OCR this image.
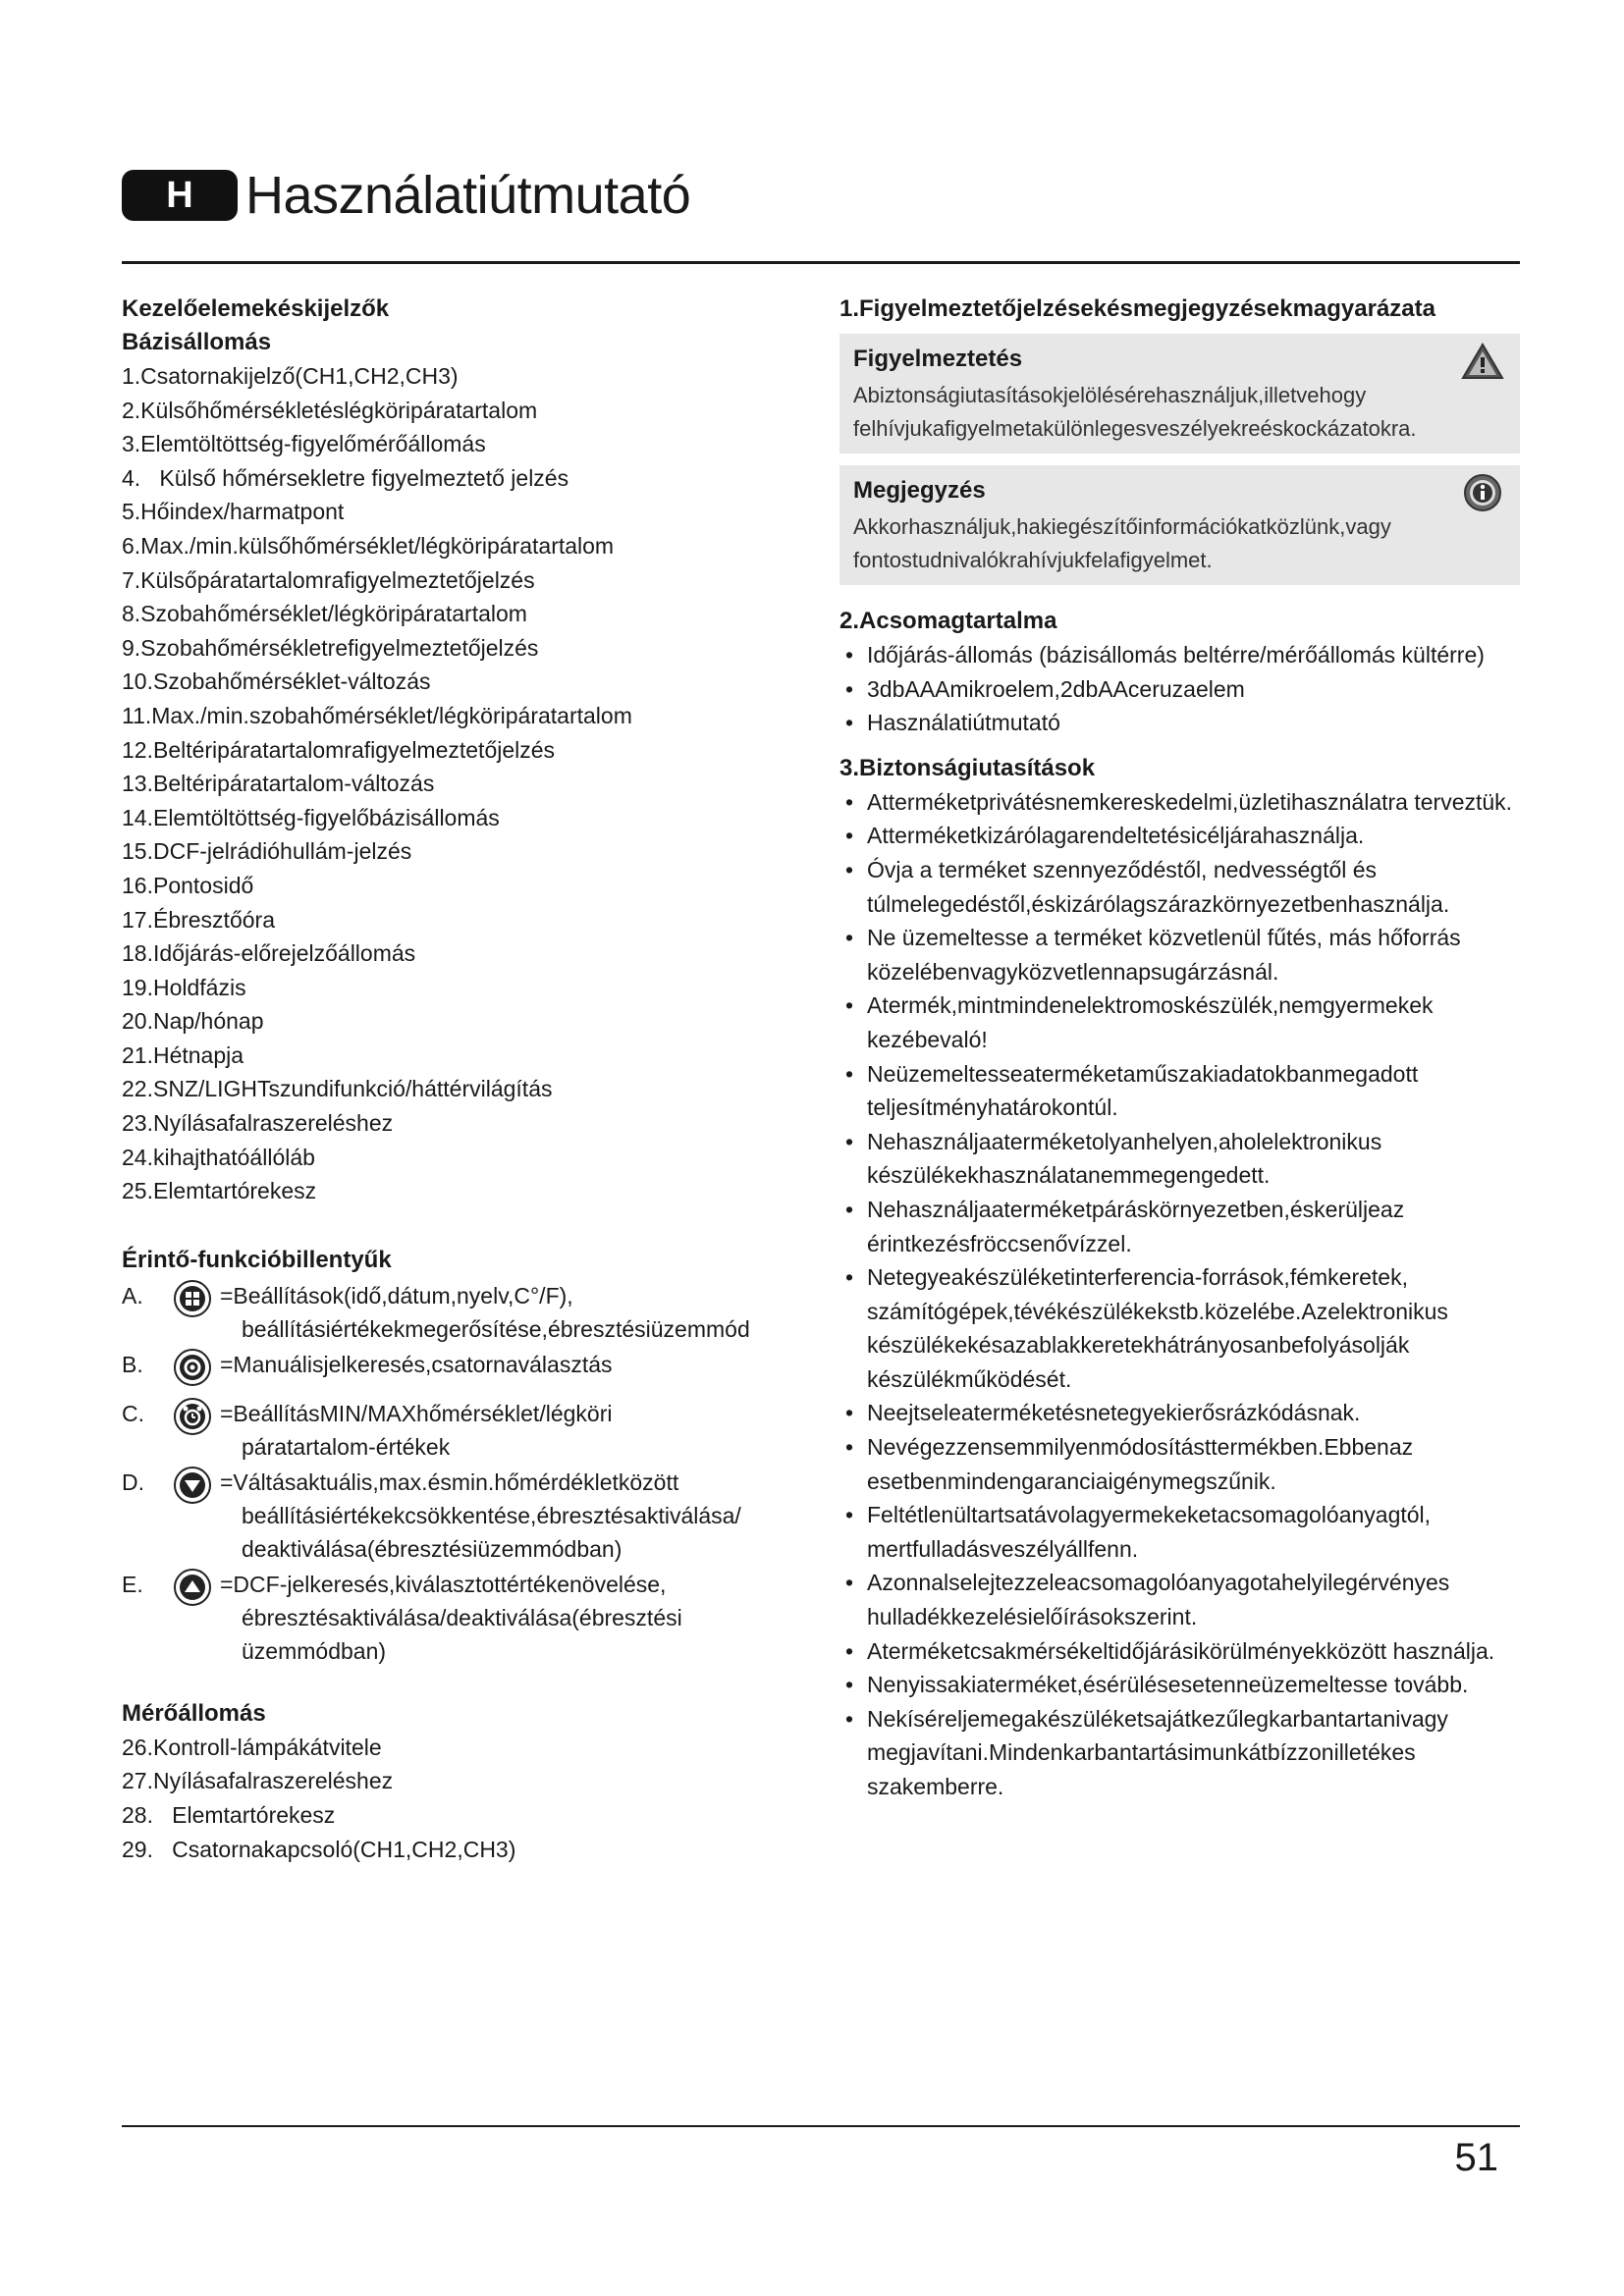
H Használatiútmutató
Kezelőelemekéskijelzők
Bázisállomás
1.Csatornakijelző(CH1,CH2,CH3)
2.Külsőhőmérsékletéslégköripáratartalom
3.Elemtöltöttség-figyelőmérőállomás
4.   Külső hőmérsekletre figyelmeztető jelzés
5.Hőindex/harmatpont
6.Max./min.külsőhőmérséklet/légköripáratartalom
7.Külsőpáratartalomrafigyelmeztetőjelzés
8.Szobahőmérséklet/légköripáratartalom
9.Szobahőmérsékletrefigyelmeztetőjelzés
10.Szobahőmérséklet-változás
11.Max./min.szobahőmérséklet/légköripáratartalom
12.Beltéripáratartalomrafigyelmeztetőjelzés
13.Beltéripáratartalom-változás
14.Elemtöltöttség-figyelőbázisállomás
15.DCF-jelrádióhullám-jelzés
16.Pontosidő
17.Ébresztőóra
18.Időjárás-előrejelzőállomás
19.Holdfázis
20.Nap/hónap
21.Hétnapja
22.SNZ/LIGHTszundifunkció/háttérvilágítás
23.Nyílásafalraszereléshez
24.kihajthatóállóláb
25.Elemtartórekesz
Érintő-funkcióbillentyűk
A.	=Beállítások(idő,dátum,nyelv,C°/F),
beállításiértékekmegerősítése,ébresztésiüzemmód
B.	=Manuálisjelkeresés,csatornaválasztás
C.	=BeállításMIN/MAXhőmérséklet/légköri
páratartalom-értékek
D.	=Váltásaktuális,max.ésmin.hőmérdékletközött
beállításiértékekcsökkentése,ébresztésaktiválása/
deaktiválása(ébresztésiüzemmódban)
E.	=DCF-jelkeresés,kiválasztottértékenövelése,
ébresztésaktiválása/deaktiválása(ébresztési
üzemmódban)
Mérőállomás
26.Kontroll-lámpákátvitele
27.Nyílásafalraszereléshez
28.   Elemtartórekesz
29.   Csatornakapcsoló(CH1,CH2,CH3)
1.Figyelmeztetőjelzésekésmegjegyzésekmagyarázata
Figyelmeztetés
Abiztonságiutasításokjelölésérehasználjuk,illetvehogy
felhívjukafigyelmetakülönlegesveszélyekreéskockázatokra.
Megjegyzés
Akkorhasználjuk,hakiegészítőinformációkatközlünk,vagy
fontostudnivalókrahívjukfelafigyelmet.
2.Acsomagtartalma
• Időjárás-állomás (bázisállomás beltérre/mérőállomás kültérre)
• 3dbAAAmikroelem,2dbAAceruzaelem
• Használatiútmutató
3.Biztonságiutasítások
• Atterméketprivátésnemkereskedelmi,üzletihasználatra terveztük.
• Atterméketkizárólagarendeltetésicéljárahasználja.
• Óvja a terméket szennyeződéstől, nedvességtől és túlmelegedéstől,éskizárólagszárazkörnyezetbenhasználja.
• Ne üzemeltesse a terméket közvetlenül fűtés, más hőforrás közelébenvagyközvetlennapsugárzásnál.
• Atermék,mintmindenelektromoskészülék,nemgyermekek kezébevaló!
• Neüzemeltesseaterméketaműszakiadatokbanmegadott teljesítményhatárokontúl.
• Nehasználjaaterméketolyanhelyen,aholelektronikus készülékekhasználatanemmegengedett.
• Nehasználjaaterméketpáráskörnyezetben,éskerüljeaz érintkezésfröccsenővízzel.
• Netegyeakészüléketinterferencia-források,fémkeretek, számítógépek,tévékészülékekstb.közelébe.Azelektronikus készülékekésazablakkeretekhátrányosanbefolyásolják készülékműködését.
• Neejtseleaterméketésnetegyekierősrázkódásnak.
• Nevégezzensemmilyenmódosításttermékben.Ebbenaz esetbenmindengaranciaigénymegszűnik.
• Feltétlenültartsatávolagyermekeketacsomagolóanyagtól, mertfulladásveszélyállfenn.
• Azonnalselejtezzeleacsomagolóanyagotahelyilegérvényes hulladékkezelésielőírásokszerint.
• Aterméketcsakmérsékeltidőjárásikörülményekközött használja.
• Nenyissakiaterméket,ésérülésesetenneüzemeltesse tovább.
• Nekíséreljemegakészüléketsajátkezűlegkarbantartanivagy megjavítani.Mindenkarbantartásimunkátbízzonilletékes szakemberre.
51
